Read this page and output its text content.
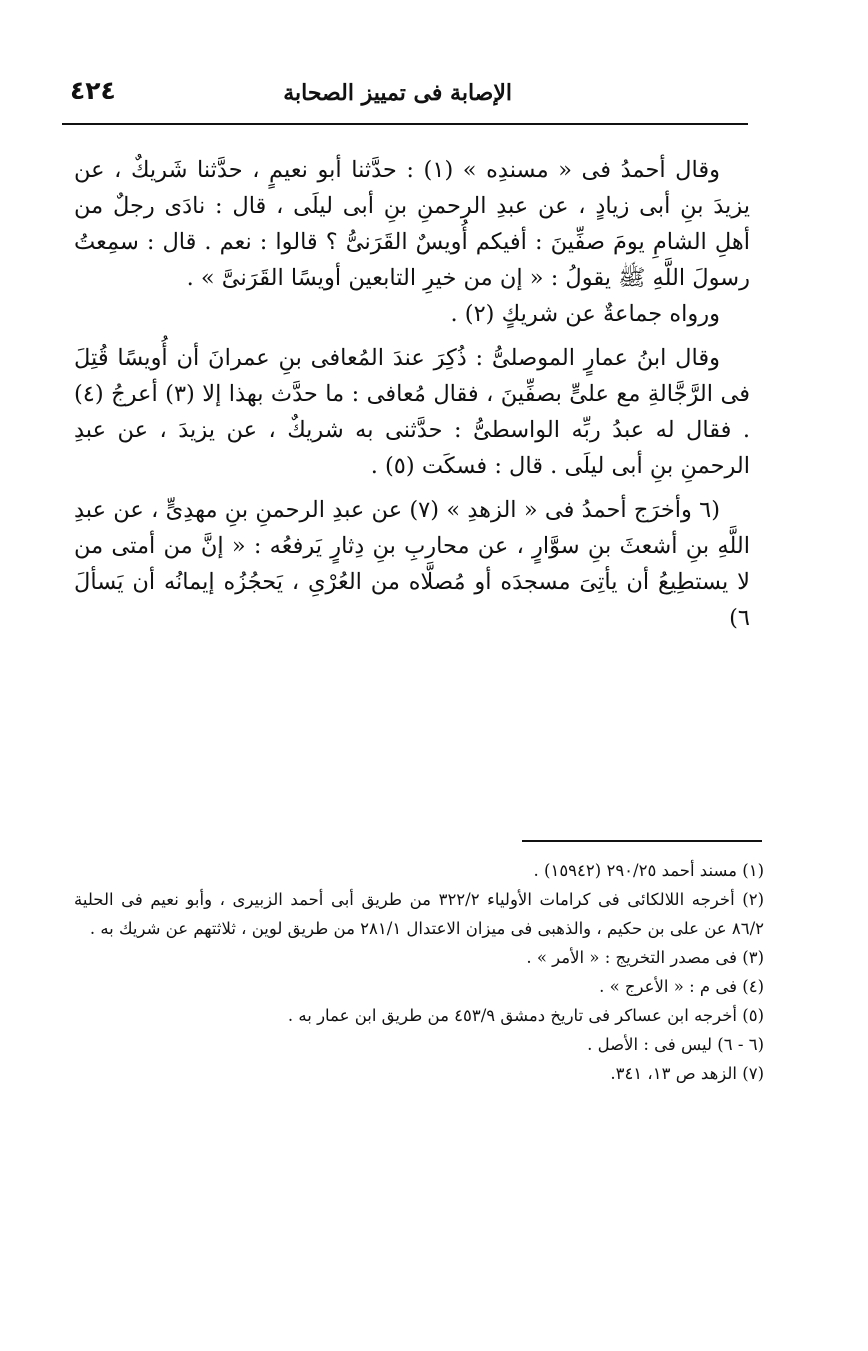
٤٢٤	الإصابة فى تمييز الصحابة

وقال أحمدُ فى « مسندِه » (١) : حدَّثنا أبو نعيمٍ ، حدَّثنا شَريكٌ ، عن يزيدَ بنِ أبى زيادٍ ، عن عبدِ الرحمنِ بنِ أبى ليلَى ، قال : نادَى رجلٌ من أهلِ الشامِ يومَ صفِّينَ : أفيكم أُويسٌ القَرَنىُّ ؟ قالوا : نعم . قال : سمِعتُ رسولَ اللَّهِ ﷺ يقولُ : « إن من خيرِ التابعين أويسًا القَرَنىَّ » .

ورواه جماعةٌ عن شريكٍ (٢) .

وقال ابنُ عمارٍ الموصلىُّ : ذُكِرَ عندَ المُعافى بنِ عمرانَ أن أُويسًا قُتِلَ فى الرَّجَّالةِ مع علىٍّ بصفِّينَ ، فقال مُعافى : ما حدَّث بهذا إلا (٣) أعرجُ (٤) . فقال له عبدُ ربِّه الواسطىُّ : حدَّثنى به شريكٌ ، عن يزيدَ ، عن عبدِ الرحمنِ بنِ أبى ليلَى . قال : فسكَت (٥) .

(٦ وأخرَج أحمدُ فى « الزهدِ » (٧) عن عبدِ الرحمنِ بنِ مهدِىٍّ ، عن عبدِ اللَّهِ بنِ أشعثَ بنِ سوَّارٍ ، عن محاربِ بنِ دِثارٍ يَرفعُه : « إنَّ من أمتى من لا يستطِيعُ أن يأتِىَ مسجدَه أو مُصلَّاه من العُرْىِ ، يَحجُزُه إيمانُه أن يَسألَ ٦)

(١) مسند أحمد ٢٩٠/٢٥ (١٥٩٤٢) .

(٢) أخرجه اللالكائى فى كرامات الأولياء ٣٢٢/٢ من طريق أبى أحمد الزبيرى ، وأبو نعيم فى الحلية ٨٦/٢ عن على بن حكيم ، والذهبى فى ميزان الاعتدال ٢٨١/١ من طريق لوين ، ثلاثتهم عن شريك به .

(٣) فى مصدر التخريج : « الأمر » .

(٤) فى م : « الأعرج » .

(٥) أخرجه ابن عساكر فى تاريخ دمشق ٤٥٣/٩ من طريق ابن عمار به .

(٦ - ٦) ليس فى : الأصل .

(٧) الزهد ص ١٣، ٣٤١.
